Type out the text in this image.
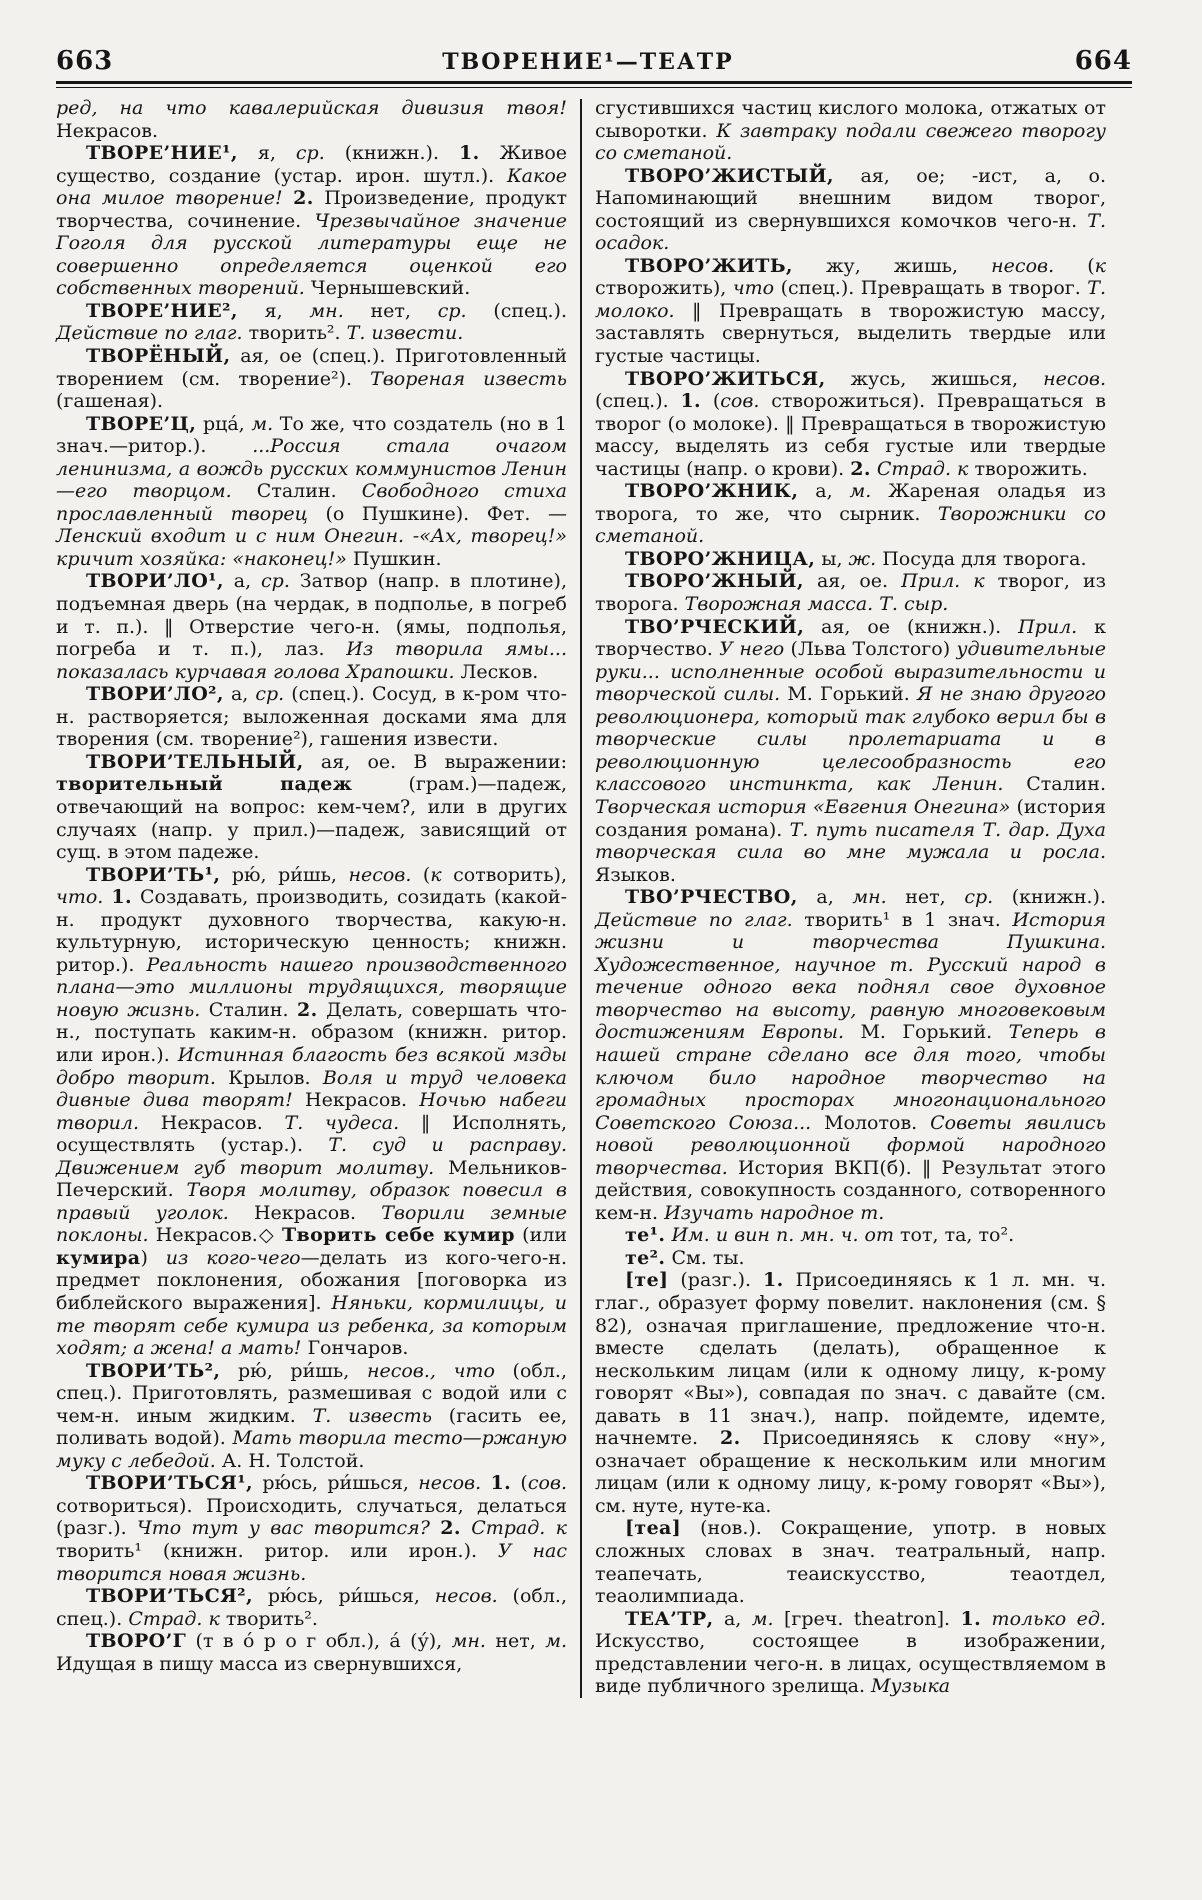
663	ТВОРЕНИЕ¹—ТЕАТР	664

ред, на что кавалерийская дивизия твоя! Некрасов.

ТВОРЕ’НИЕ¹, я, ср. (книжн.). 1. Живое существо, создание (устар. ирон. шутл.). Какое она милое творение! 2. Произведение, продукт творчества, сочинение. Чрезвычайное значение Гоголя для русской литературы еще не совершенно определяется оценкой его собственных творений. Чернышевский.

ТВОРЕ’НИЕ², я, мн. нет, ср. (спец.). Действие по глаг. творить². Т. извести.

ТВОРЁНЫЙ, ая, ое (спец.). Приготовленный творением (см. творение²). Твореная известь (гашеная).

ТВОРЕ’Ц, рца́, м. То же, что создатель (но в 1 знач.—ритор.). ...Россия стала очагом ленинизма, а вождь русских коммунистов Ленин—его творцом. Сталин. Свободного стиха прославленный творец (о Пушкине). Фет. —Ленский входит и с ним Онегин. -«Ах, творец!» кричит хозяйка: «наконец!» Пушкин.

ТВОРИ’ЛО¹, а, ср. Затвор (напр. в плотине), подъемная дверь (на чердак, в подполье, в погреб и т. п.). ‖ Отверстие чего-н. (ямы, подполья, погреба и т. п.), лаз. Из творила ямы... показалась курчавая голова Храпошки. Лесков.

ТВОРИ’ЛО², а, ср. (спец.). Сосуд, в к-ром что-н. растворяется; выложенная досками яма для творения (см. творение²), гашения извести.

ТВОРИ’ТЕЛЬНЫЙ, ая, ое. В выражении: творительный падеж (грам.)—падеж, отвечающий на вопрос: кем-чем?, или в других случаях (напр. у прил.)—падеж, зависящий от сущ. в этом падеже.

ТВОРИ’ТЬ¹, рю́, ри́шь, несов. (к сотворить), что. 1. Создавать, производить, созидать (какой-н. продукт духовного творчества, какую-н. культурную, историческую ценность; книжн. ритор.). Реальность нашего производственного плана—это миллионы трудящихся, творящие новую жизнь. Сталин. 2. Делать, совершать что-н., поступать каким-н. образом (книжн. ритор. или ирон.). Истинная благость без всякой мзды добро творит. Крылов. Воля и труд человека дивные дива творят! Некрасов. Ночью набеги творил. Некрасов. Т. чудеса. ‖ Исполнять, осуществлять (устар.). Т. суд и расправу. Движением губ творит молитву. Мельников-Печерский. Творя молитву, образок повесил в правый уголок. Некрасов. Творили земные поклоны. Некрасов.◇ Творить себе кумир (или кумира) из кого-чего—делать из кого-чего-н. предмет поклонения, обожания [поговорка из библейского выражения]. Няньки, кормилицы, и те творят себе кумира из ребенка, за которым ходят; а жена! а мать! Гончаров.

ТВОРИ’ТЬ², рю́, ри́шь, несов., что (обл., спец.). Приготовлять, размешивая с водой или с чем-н. иным жидким. Т. известь (гасить ее, поливать водой). Мать творила тесто—ржаную муку с лебедой. А. Н. Толстой.

ТВОРИ’ТЬСЯ¹, рю́сь, ри́шься, несов. 1. (сов. сотвориться). Происходить, случаться, делаться (разг.). Что тут у вас творится? 2. Страд. к творить¹ (книжн. ритор. или ирон.). У нас творится новая жизнь.

ТВОРИ’ТЬСЯ², рю́сь, ри́шься, несов. (обл., спец.). Страд. к творить².

ТВОРО’Г (т в о́ р о г обл.), а́ (у́), мн. нет, м. Идущая в пищу масса из свернувшихся,

сгустившихся частиц кислого молока, отжатых от сыворотки. К завтраку подали свежего творогу со сметаной.

ТВОРО’ЖИСТЫЙ, ая, ое; -ист, а, о. Напоминающий внешним видом творог, состоящий из свернувшихся комочков чего-н. Т. осадок.

ТВОРО’ЖИТЬ, жу, жишь, несов. (к створожить), что (спец.). Превращать в творог. Т. молоко. ‖ Превращать в творожистую массу, заставлять свернуться, выделить твердые или густые частицы.

ТВОРО’ЖИТЬСЯ, жусь, жишься, несов. (спец.). 1. (сов. створожиться). Превращаться в творог (о молоке). ‖ Превращаться в творожистую массу, выделять из себя густые или твердые частицы (напр. о крови). 2. Страд. к творожить.

ТВОРО’ЖНИК, а, м. Жареная оладья из творога, то же, что сырник. Творожники со сметаной.

ТВОРО’ЖНИЦА, ы, ж. Посуда для творога.

ТВОРО’ЖНЫЙ, ая, ое. Прил. к творог, из творога. Творожная масса. Т. сыр.

ТВО’РЧЕСКИЙ, ая, ое (книжн.). Прил. к творчество. У него (Льва Толстого) удивительные руки... исполненные особой выразительности и творческой силы. М. Горький. Я не знаю другого революционера, который так глубоко верил бы в творческие силы пролетариата и в революционную целесообразность его классового инстинкта, как Ленин. Сталин. Творческая история «Евгения Онегина» (история создания романа). Т. путь писателя Т. дар. Духа творческая сила во мне мужала и росла. Языков.

ТВО’РЧЕСТВО, а, мн. нет, ср. (книжн.). Действие по глаг. творить¹ в 1 знач. История жизни и творчества Пушкина. Художественное, научное т. Русский народ в течение одного века поднял свое духовное творчество на высоту, равную многовековым достижениям Европы. М. Горький. Теперь в нашей стране сделано все для того, чтобы ключом било народное творчество на громадных просторах многонационального Советского Союза... Молотов. Советы явились новой революционной формой народного творчества. История ВКП(б). ‖ Результат этого действия, совокупность созданного, сотворенного кем-н. Изучать народное т.

те¹. Им. и вин п. мн. ч. от тот, та, то².

те². См. ты.

[те] (разг.). 1. Присоединяясь к 1 л. мн. ч. глаг., образует форму повелит. наклонения (см. § 82), означая приглашение, предложение что-н. вместе сделать (делать), обращенное к нескольким лицам (или к одному лицу, к-рому говорят «Вы»), совпадая по знач. с давайте (см. давать в 11 знач.), напр. пойдемте, идемте, начнемте. 2. Присоединяясь к слову «ну», означает обращение к нескольким или многим лицам (или к одному лицу, к-рому говорят «Вы»), см. нуте, нуте-ка.

[теа] (нов.). Сокращение, употр. в новых сложных словах в знач. театральный, напр. теапечать, теаискусство, теаотдел, теаолимпиада.

ТЕА’ТР, а, м. [греч. theatron]. 1. только ед. Искусство, состоящее в изображении, представлении чего-н. в лицах, осуществляемом в виде публичного зрелища. Музыка
